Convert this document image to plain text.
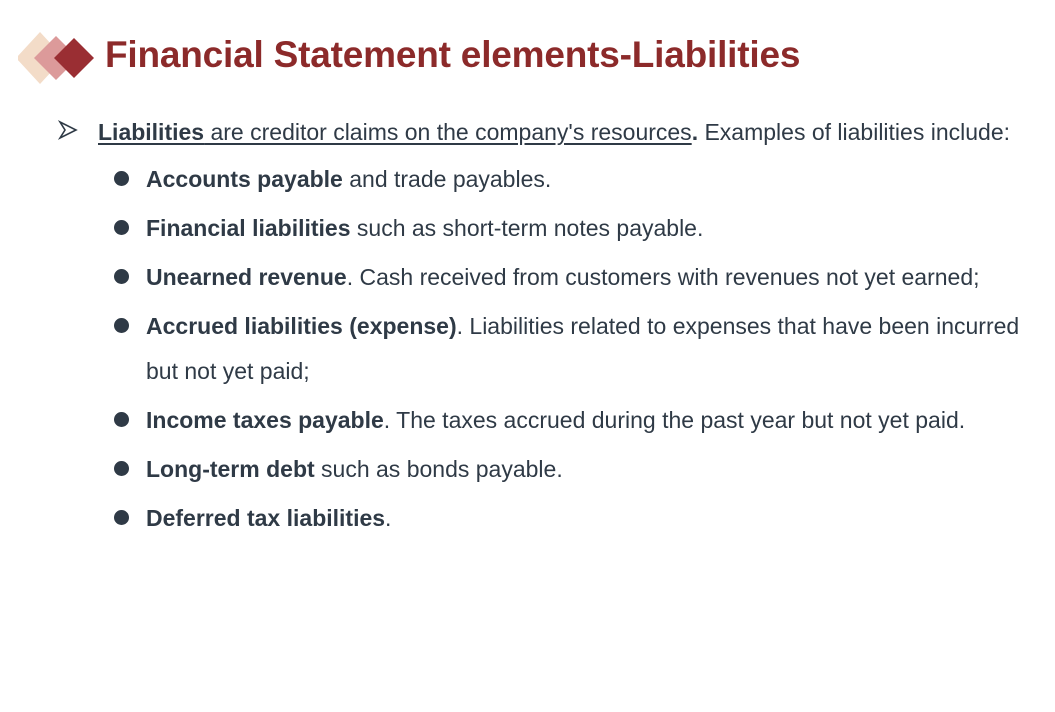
Financial Statement elements-Liabilities
Liabilities are creditor claims on the company's resources. Examples of liabilities include:
Accounts payable and trade payables.
Financial liabilities such as short-term notes payable.
Unearned revenue. Cash received from customers with revenues not yet earned;
Accrued liabilities (expense). Liabilities related to expenses that have been incurred but not yet paid;
Income taxes payable. The taxes accrued during the past year but not yet paid.
Long-term debt such as bonds payable.
Deferred tax liabilities.
